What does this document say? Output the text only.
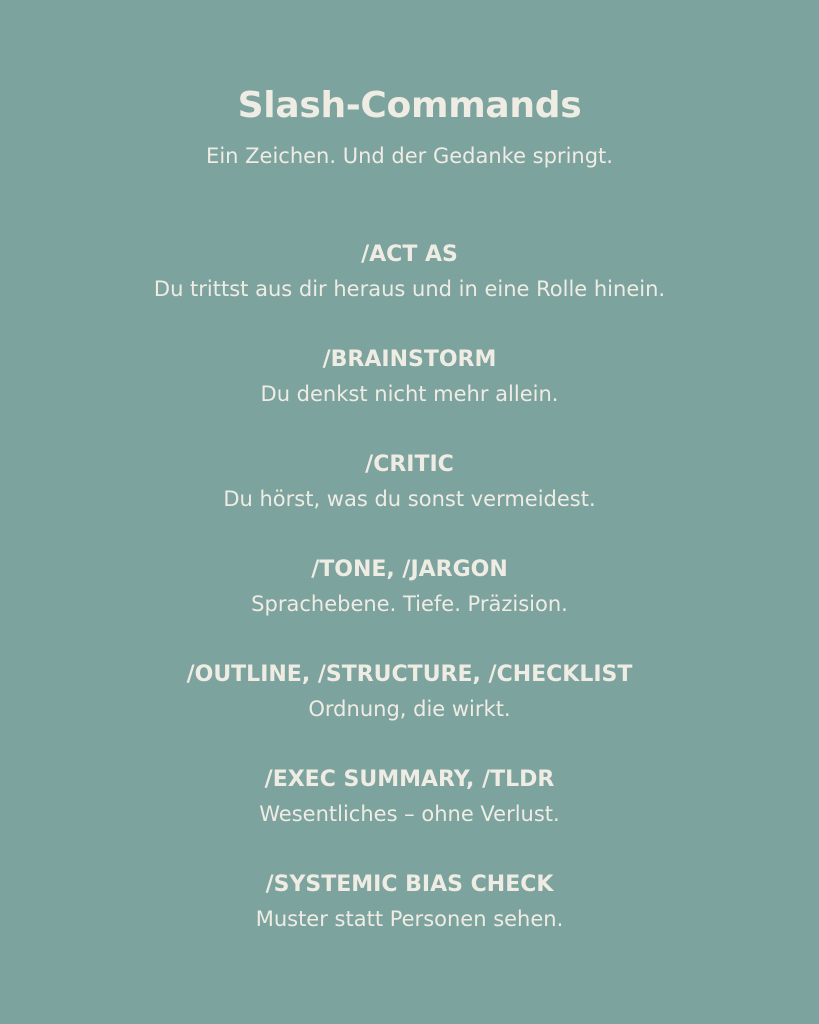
Slash-Commands

Ein Zeichen. Und der Gedanke springt.

/ACT AS
Du trittst aus dir heraus und in eine Rolle hinein.
/BRAINSTORM
Du denkst nicht mehr allein.
/CRITIC
Du hörst, was du sonst vermeidest.
/TONE, /JARGON
Sprachebene. Tiefe. Präzision.
/OUTLINE, /STRUCTURE, /CHECKLIST
Ordnung, die wirkt.
/EXEC SUMMARY, /TLDR
Wesentliches – ohne Verlust.
/SYSTEMIC BIAS CHECK
Muster statt Personen sehen.
